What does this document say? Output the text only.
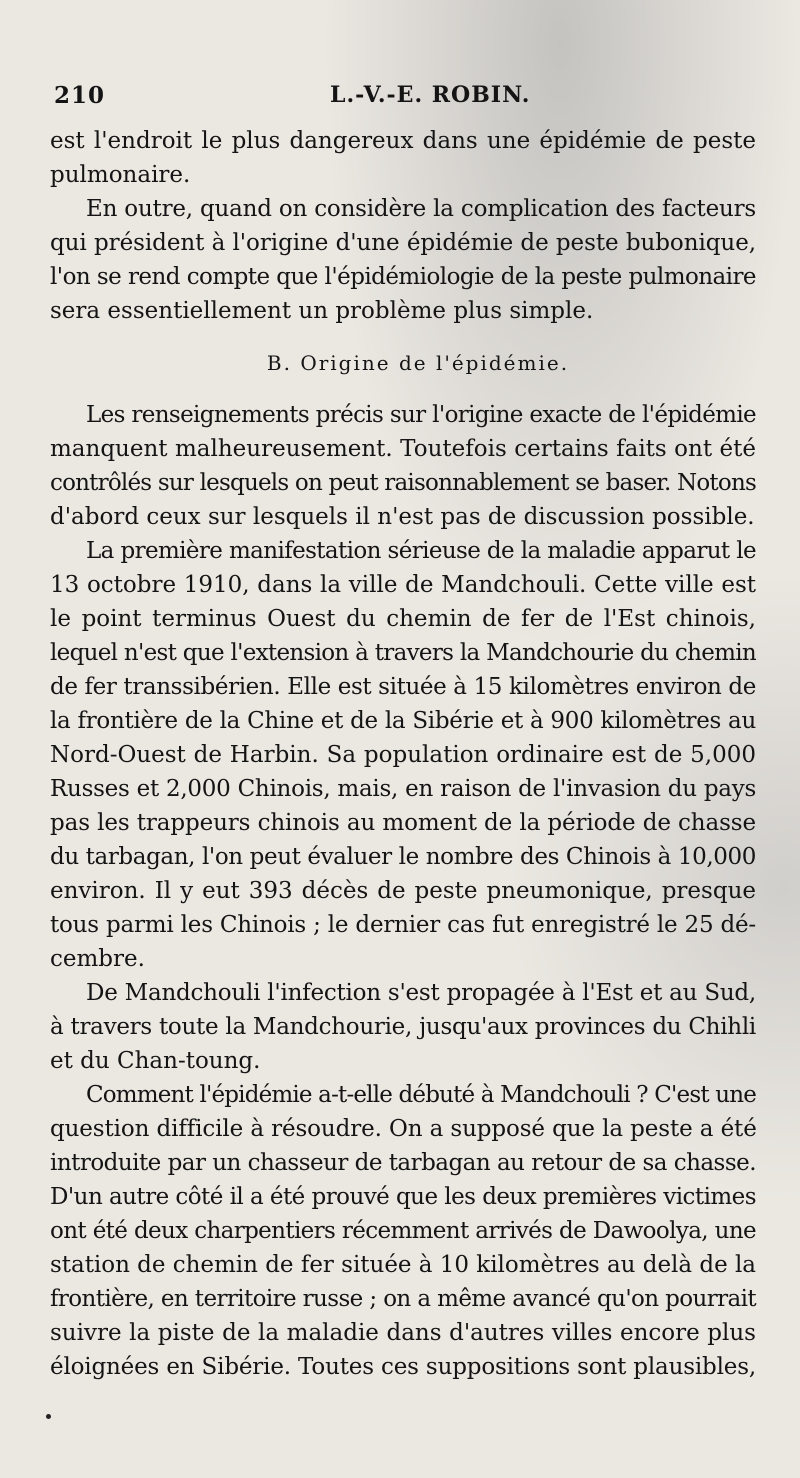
210	L.-V.-E. ROBIN.
est l'endroit le plus dangereux dans une épidémie de peste
pulmonaire.
En outre, quand on considère la complication des facteurs
qui président à l'origine d'une épidémie de peste bubonique,
l'on se rend compte que l'épidémiologie de la peste pulmonaire
sera essentiellement un problème plus simple.
B. Origine de l'épidémie.
Les renseignements précis sur l'origine exacte de l'épidémie
manquent malheureusement. Toutefois certains faits ont été
contrôlés sur lesquels on peut raisonnablement se baser. Notons
d'abord ceux sur lesquels il n'est pas de discussion possible.
La première manifestation sérieuse de la maladie apparut le
13 octobre 1910, dans la ville de Mandchouli. Cette ville est
le point terminus Ouest du chemin de fer de l'Est chinois,
lequel n'est que l'extension à travers la Mandchourie du chemin
de fer transsibérien. Elle est située à 15 kilomètres environ de
la frontière de la Chine et de la Sibérie et à 900 kilomètres au
Nord-Ouest de Harbin. Sa population ordinaire est de 5,000
Russes et 2,000 Chinois, mais, en raison de l'invasion du pays
pas les trappeurs chinois au moment de la période de chasse
du tarbagan, l'on peut évaluer le nombre des Chinois à 10,000
environ. Il y eut 393 décès de peste pneumonique, presque
tous parmi les Chinois ; le dernier cas fut enregistré le 25 dé-
cembre.
De Mandchouli l'infection s'est propagée à l'Est et au Sud,
à travers toute la Mandchourie, jusqu'aux provinces du Chihli
et du Chan-toung.
Comment l'épidémie a-t-elle débuté à Mandchouli ? C'est une
question difficile à résoudre. On a supposé que la peste a été
introduite par un chasseur de tarbagan au retour de sa chasse.
D'un autre côté il a été prouvé que les deux premières victimes
ont été deux charpentiers récemment arrivés de Dawoolya, une
station de chemin de fer située à 10 kilomètres au delà de la
frontière, en territoire russe ; on a même avancé qu'on pourrait
suivre la piste de la maladie dans d'autres villes encore plus
éloignées en Sibérie. Toutes ces suppositions sont plausibles,
